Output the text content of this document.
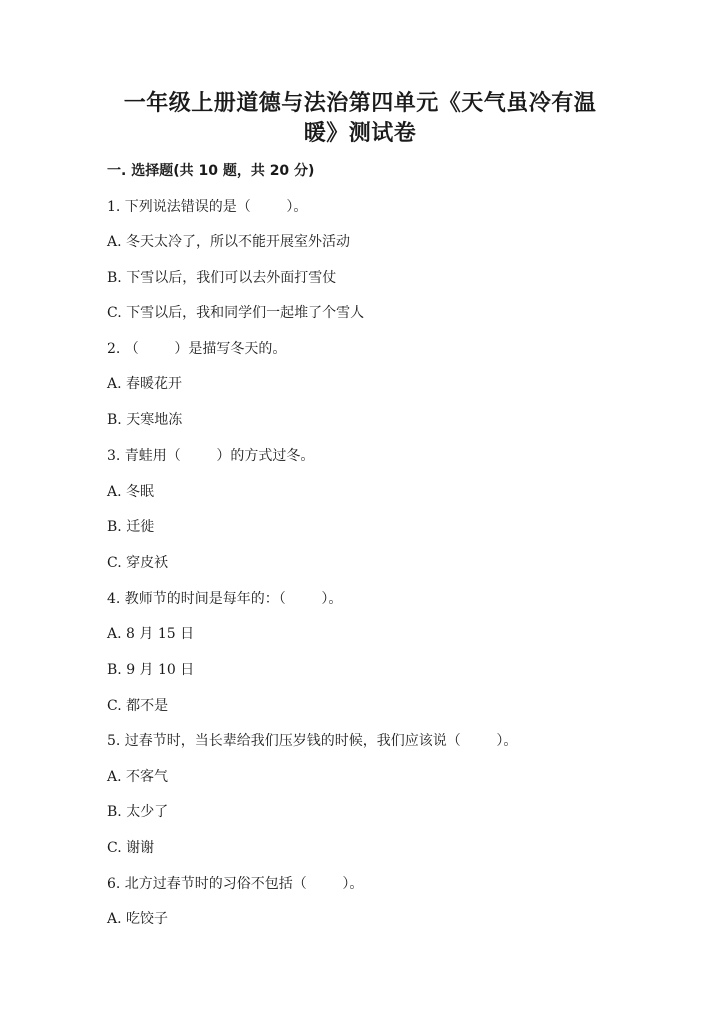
一年级上册道德与法治第四单元《天气虽冷有温
暖》测试卷
一. 选择题(共 10 题，共 20 分)
1. 下列说法错误的是（        ）。
A. 冬天太冷了，所以不能开展室外活动
B. 下雪以后，我们可以去外面打雪仗
C. 下雪以后，我和同学们一起堆了个雪人
2. （        ）是描写冬天的。
A. 春暖花开
B. 天寒地冻
3. 青蛙用（        ）的方式过冬。
A. 冬眠
B. 迁徙
C. 穿皮袄
4. 教师节的时间是每年的：（        ）。
A. 8 月 15 日
B. 9 月 10 日
C. 都不是
5. 过春节时，当长辈给我们压岁钱的时候，我们应该说（        ）。
A. 不客气
B. 太少了
C. 谢谢
6. 北方过春节时的习俗不包括（        ）。
A. 吃饺子
